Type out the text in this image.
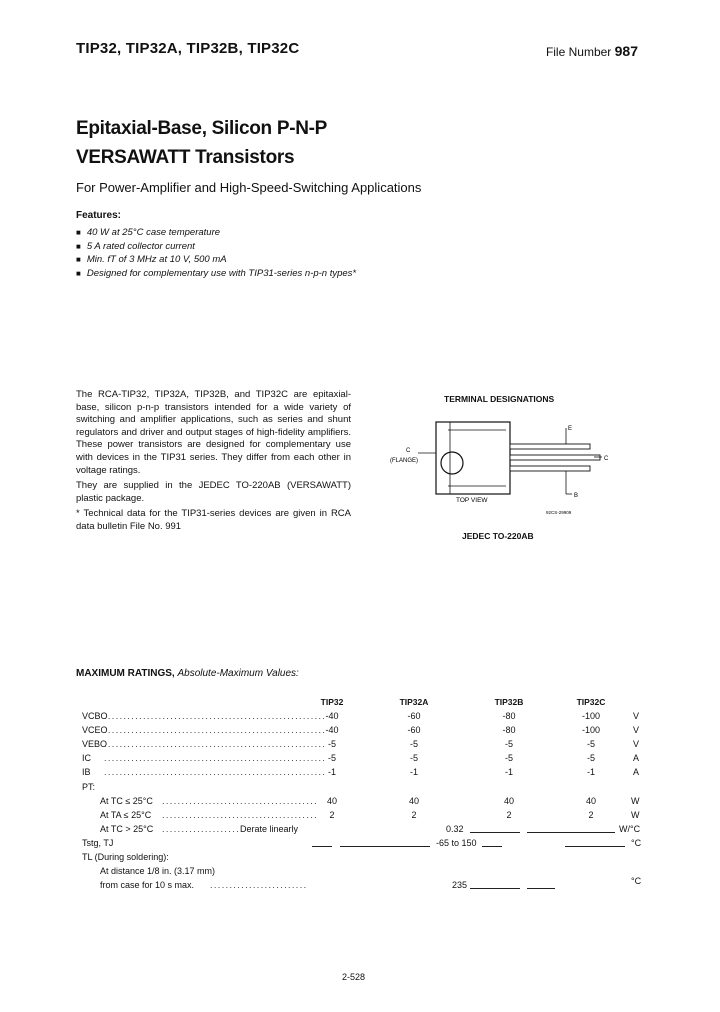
TIP32, TIP32A, TIP32B, TIP32C	File Number 987
Epitaxial-Base, Silicon P-N-P
VERSAWATT Transistors
For Power-Amplifier and High-Speed-Switching Applications
Features:
■ 40 W at 25°C case temperature
■ 5 A rated collector current
■ Min. fT of 3 MHz at 10 V, 500 mA
■ Designed for complementary use with TIP31-series n-p-n types*

The RCA-TIP32, TIP32A, TIP32B, and TIP32C are epitaxial-base, silicon p-n-p transistors intended for a wide variety of switching and amplifier applications, such as series and shunt regulators and driver and output stages of high-fidelity amplifiers. These power transistors are designed for complementary use with devices in the TIP31 series. They differ from each other in voltage ratings.

They are supplied in the JEDEC TO-220AB (VERSAWATT) plastic package.

* Technical data for the TIP31-series devices are given in RCA data bulletin File No. 991

TERMINAL DESIGNATIONS
E
C
B
C
(FLANGE)
TOP VIEW
92CS-29909
JEDEC TO-220AB
MAXIMUM RATINGS, Absolute-Maximum Values:
TIP32	TIP32A	TIP32B	TIP32C
VCBO
......................................................... -40	-60	-80	-100	V
VCEO
......................................................... -40	-60	-80	-100	V
VEBO
......................................................... -5	-5	-5	-5	V
IC ......................................................... -5	-5	-5	-5	A
IB ......................................................... -1	-1	-1	-1	A
PT:
At TC ≤ 25°C ........................................ 40	40	40	40	W
At TA ≤ 25°C ........................................	2	2	2	2	W
At TC > 25°C .................... Derate linearly	0.32	W/°C
Tstg, TJ	-65 to 150	°C
TL (During soldering):
At distance 1/8 in. (3.17 mm)
from case for 10 s max. .........................	235	°C
2-528
